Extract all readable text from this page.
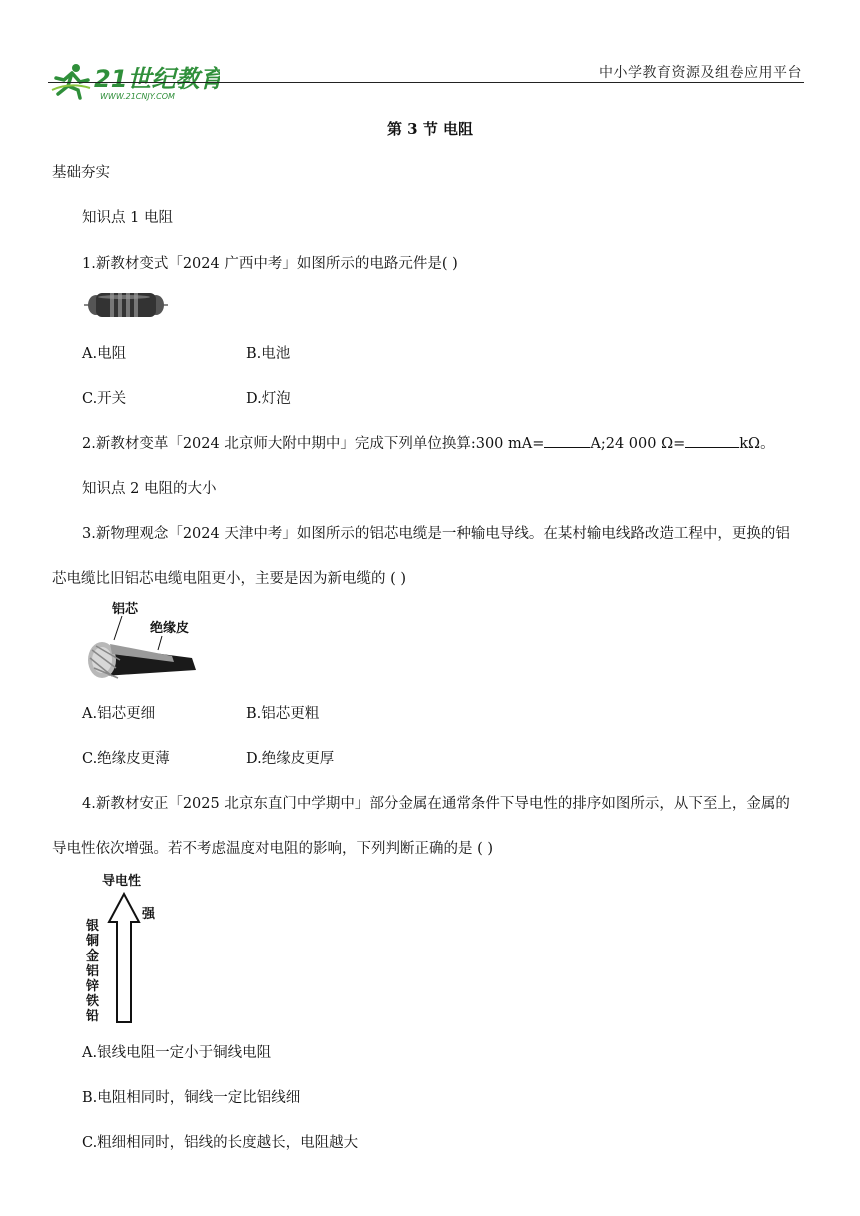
21世纪教育
WWW.21CNJY.COM
中小学教育资源及组卷应用平台
第 3 节 电阻
基础夯实
知识点 1 电阻
1.新教材变式「2024 广西中考」如图所示的电路元件是( )
A.电阻	B.电池
C.开关	D.灯泡
2.新教材变革「2024 北京师大附中期中」完成下列单位换算:300 mA=	A;24 000 Ω=	kΩ。
知识点 2 电阻的大小
3.新物理观念「2024 天津中考」如图所示的铝芯电缆是一种输电导线。在某村输电线路改造工程中，更换的铝
芯电缆比旧铝芯电缆电阻更小，主要是因为新电缆的 ( )
铝芯
绝缘皮
A.铝芯更细	B.铝芯更粗
C.绝缘皮更薄	D.绝缘皮更厚
4.新教材安正「2025 北京东直门中学期中」部分金属在通常条件下导电性的排序如图所示，从下至上，金属的
导电性依次增强。若不考虑温度对电阻的影响，下列判断正确的是 ( )
导电性
强
银
铜
金
铝
锌
铁
铅
A.银线电阻一定小于铜线电阻
B.电阻相同时，铜线一定比铝线细
C.粗细相同时，铝线的长度越长，电阻越大
